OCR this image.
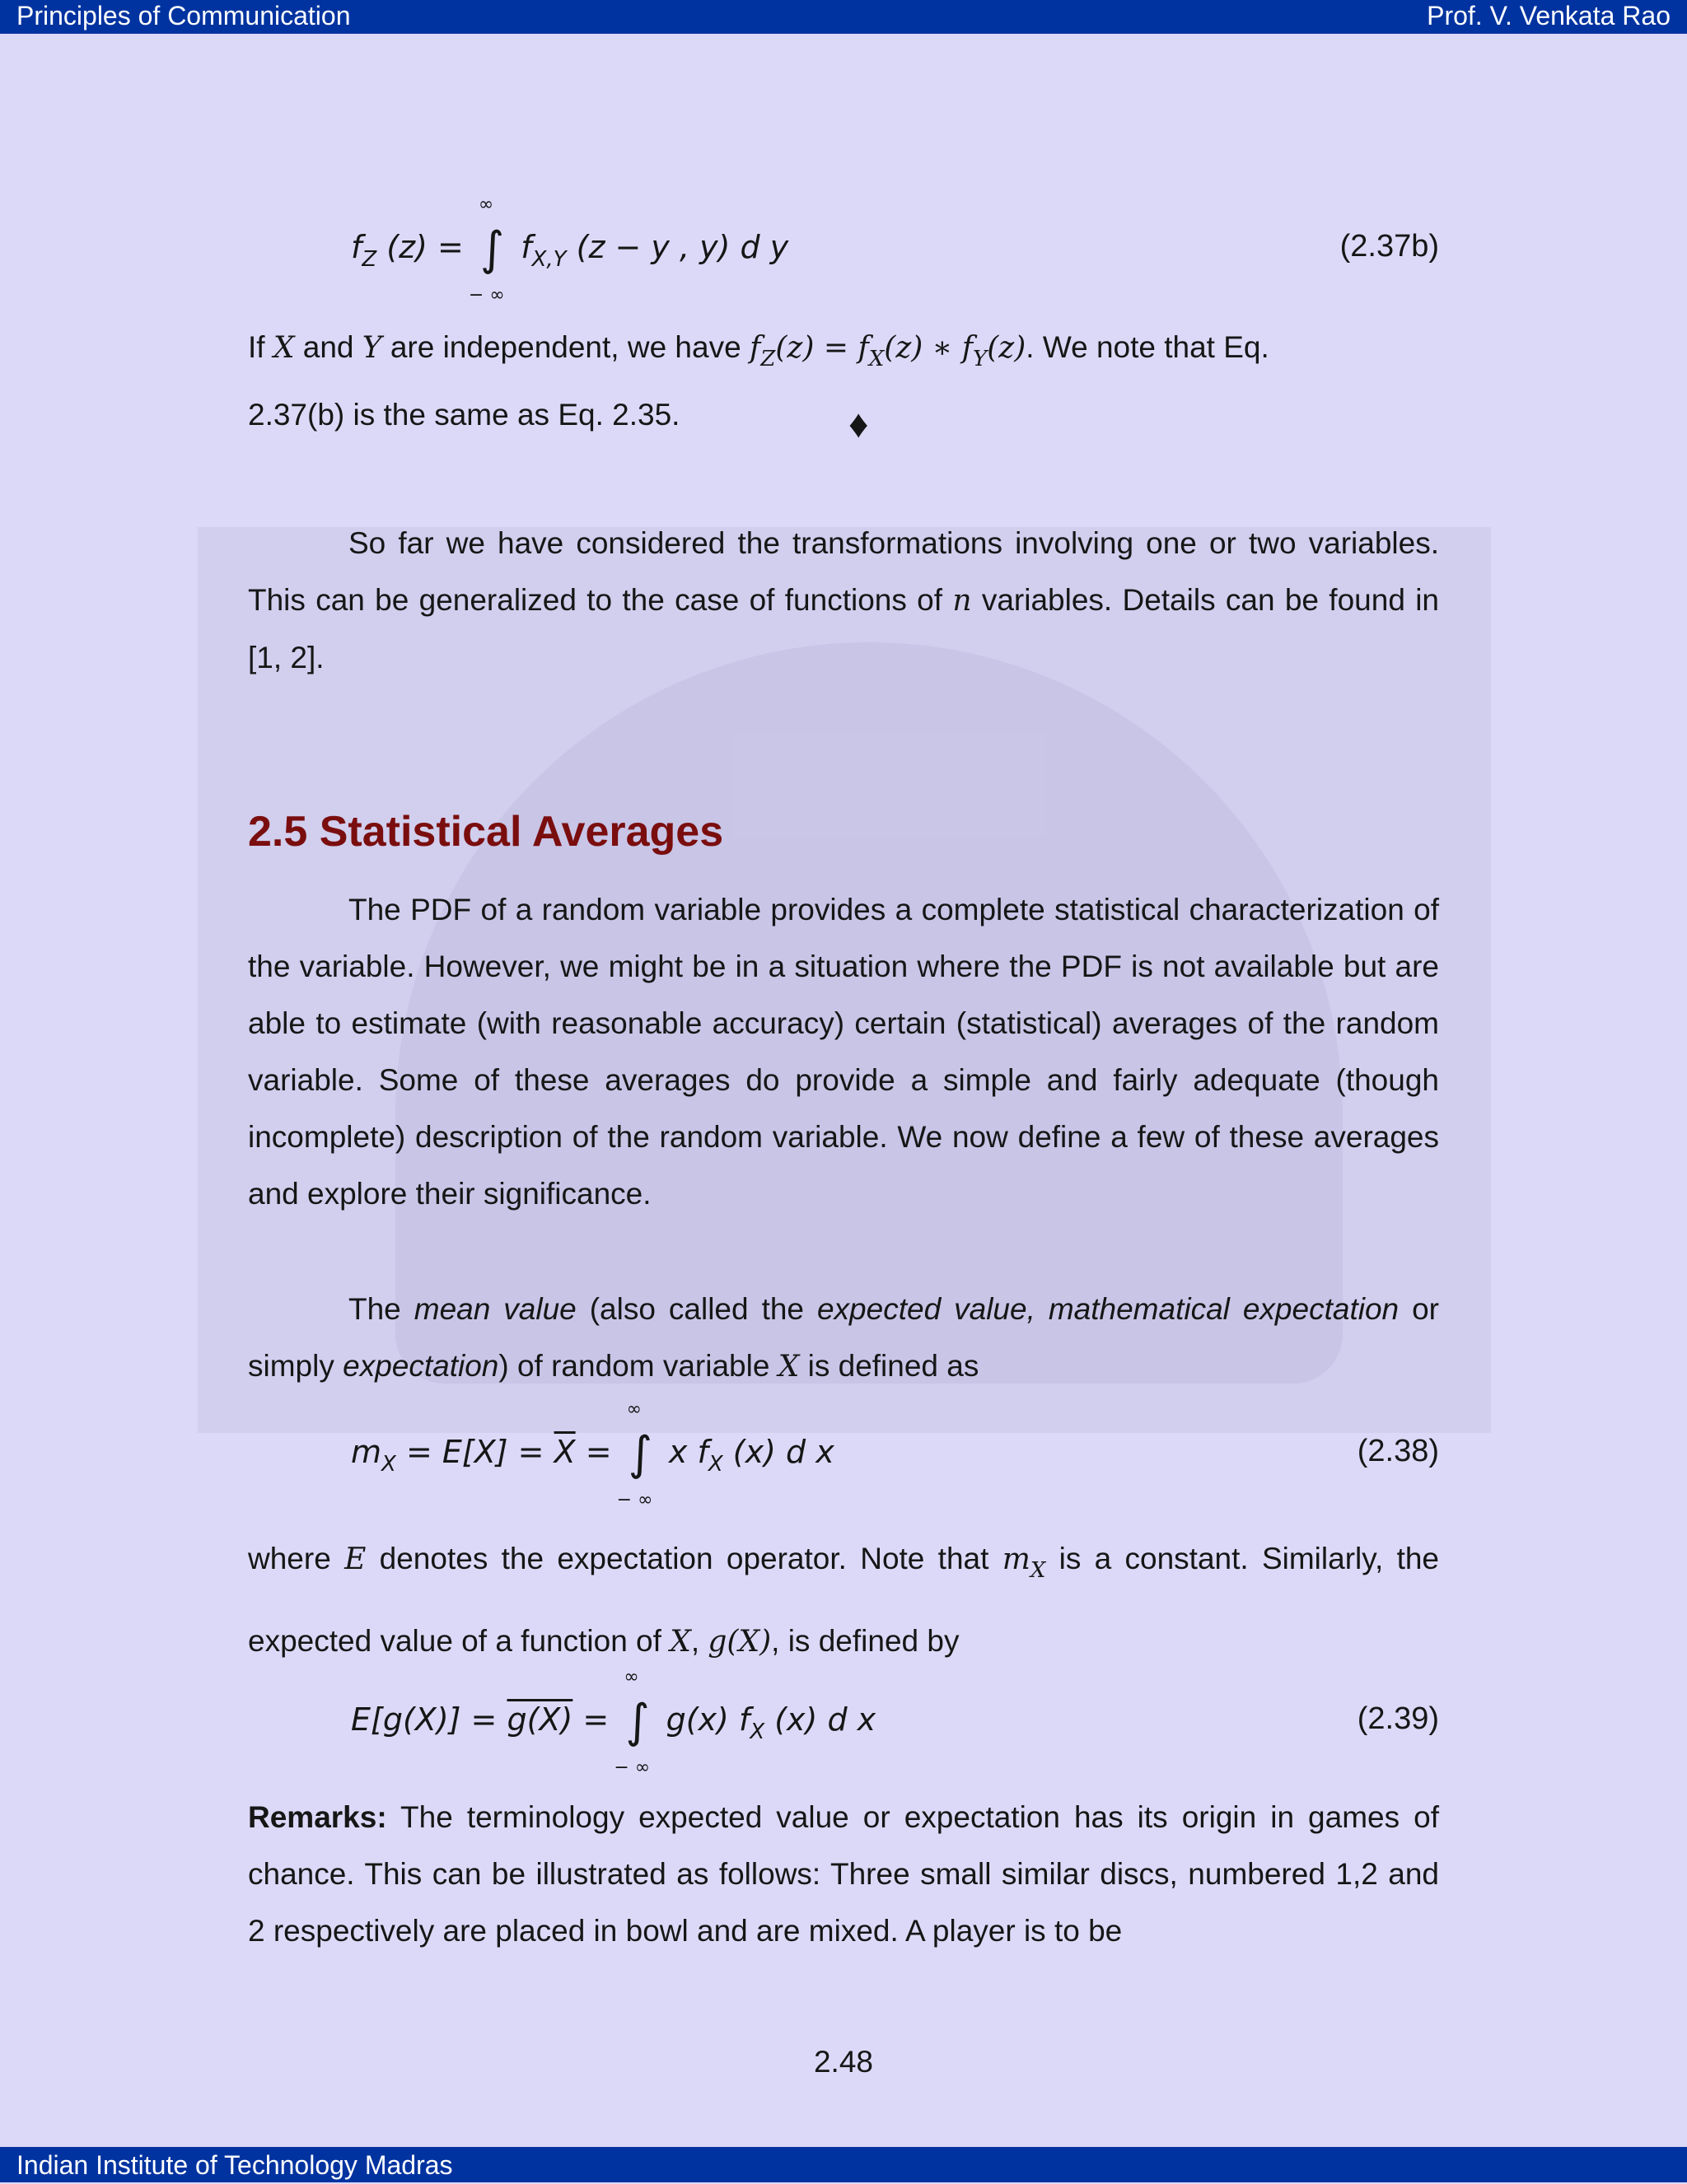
Principles of Communication	Prof. V. Venkata Rao
$f_Z$ (z) = ∫
∞
− ∞
$f_{X,Y}$ (z − y , y) d y	(2.37b)

If X and Y are independent, we have $f_Z(z) = f_X(z)$ ∗ $f_Y(z)$. We note that Eq.
2.37(b) is the same as Eq. 2.35.	♦

So far we have considered the transformations involving one or two variables. This can be generalized to the case of functions of n variables. Details can be found in [1, 2].

2.5 Statistical Averages

The PDF of a random variable provides a complete statistical characterization of the variable. However, we might be in a situation where the PDF is not available but are able to estimate (with reasonable accuracy) certain (statistical) averages of the random variable. Some of these averages do provide a simple and fairly adequate (though incomplete) description of the random variable. We now define a few of these averages and explore their significance.

The mean value (also called the expected value, mathematical expectation or simply expectation) of random variable X is defined as

$m_X = E[X] = \overline{X}$ = ∫
∞
− ∞
x $f_X$ (x) d x	(2.38)

where E denotes the expectation operator. Note that $m_X$ is a constant. Similarly, the expected value of a function of X, g(X), is defined by

E[g(X)] = g(X) = ∫
∞
− ∞
g(x) $f_X$ (x) d x	(2.39)

Remarks: The terminology expected value or expectation has its origin in games of chance. This can be illustrated as follows: Three small similar discs, numbered 1,2 and 2 respectively are placed in bowl and are mixed. A player is to be

2.48
Indian Institute of Technology Madras
